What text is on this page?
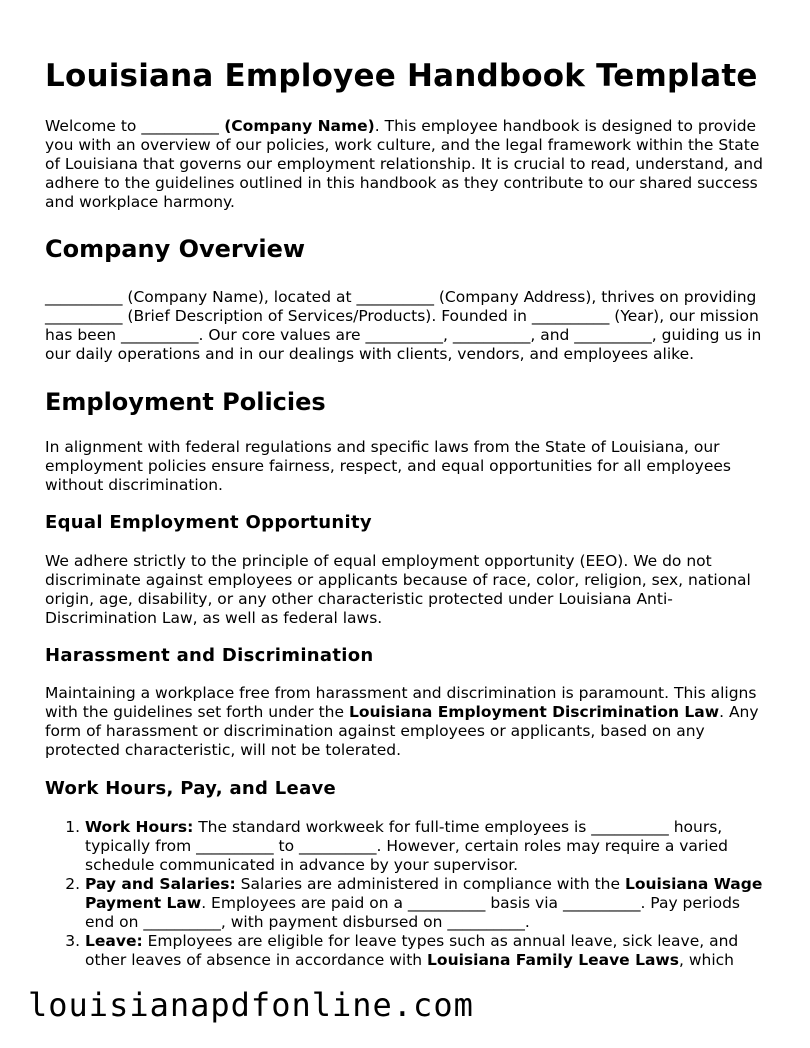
Louisiana Employee Handbook Template

Welcome to __________ (Company Name). This employee handbook is designed to provide you with an overview of our policies, work culture, and the legal framework within the State of Louisiana that governs our employment relationship. It is crucial to read, understand, and adhere to the guidelines outlined in this handbook as they contribute to our shared success and workplace harmony.

Company Overview

__________ (Company Name), located at __________ (Company Address), thrives on providing __________ (Brief Description of Services/Products). Founded in __________ (Year), our mission has been __________. Our core values are __________, __________, and __________, guiding us in our daily operations and in our dealings with clients, vendors, and employees alike.

Employment Policies

In alignment with federal regulations and specific laws from the State of Louisiana, our employment policies ensure fairness, respect, and equal opportunities for all employees without discrimination.

Equal Employment Opportunity

We adhere strictly to the principle of equal employment opportunity (EEO). We do not discriminate against employees or applicants because of race, color, religion, sex, national origin, age, disability, or any other characteristic protected under Louisiana Anti-Discrimination Law, as well as federal laws.

Harassment and Discrimination

Maintaining a workplace free from harassment and discrimination is paramount. This aligns with the guidelines set forth under the Louisiana Employment Discrimination Law. Any form of harassment or discrimination against employees or applicants, based on any protected characteristic, will not be tolerated.

Work Hours, Pay, and Leave
1. Work Hours: The standard workweek for full-time employees is __________ hours, typically from __________ to __________. However, certain roles may require a varied schedule communicated in advance by your supervisor.
2. Pay and Salaries: Salaries are administered in compliance with the Louisiana Wage Payment Law. Employees are paid on a __________ basis via __________. Pay periods end on __________, with payment disbursed on __________.
3. Leave: Employees are eligible for leave types such as annual leave, sick leave, and other leaves of absence in accordance with Louisiana Family Leave Laws, which
louisianapdfonline.com
